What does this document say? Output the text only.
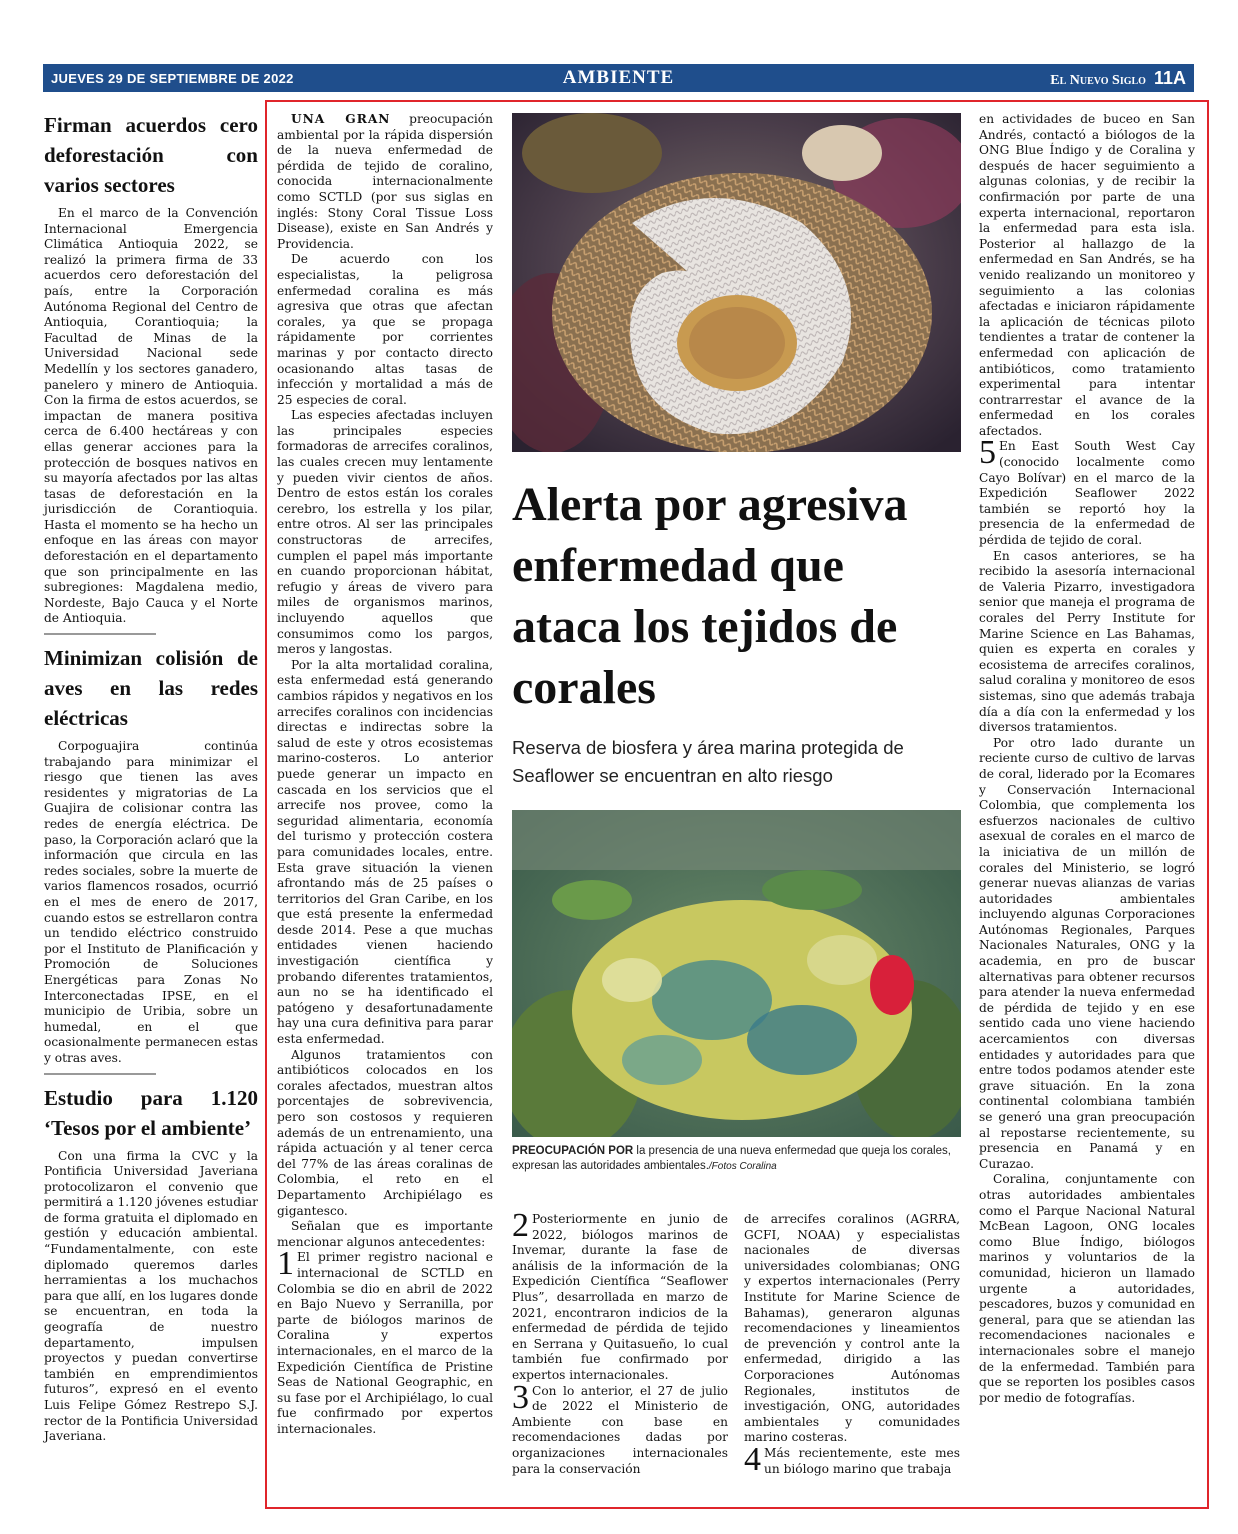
JUEVES 29 DE SEPTIEMBRE DE 2022	AMBIENTE	El Nuevo Siglo 11A
Firman acuerdos cero deforestación con varios sectores

En el marco de la Convención Internacional Emergencia Climática Antioquia 2022, se realizó la primera firma de 33 acuerdos cero deforestación del país, entre la Corporación Autónoma Regional del Centro de Antioquia, Corantioquia; la Facultad de Minas de la Universidad Nacional sede Medellín y los sectores ganadero, panelero y minero de Antioquia. Con la firma de estos acuerdos, se impactan de manera positiva cerca de 6.400 hectáreas y con ellas generar acciones para la protección de bosques nativos en su mayoría afectados por las altas tasas de deforestación en la jurisdicción de Corantioquia. Hasta el momento se ha hecho un enfoque en las áreas con mayor deforestación en el departamento que son principalmente en las subregiones: Magdalena medio, Nordeste, Bajo Cauca y el Norte de Antioquia.

Minimizan colisión de aves en las redes eléctricas

Corpoguajira continúa trabajando para minimizar el riesgo que tienen las aves residentes y migratorias de La Guajira de colisionar contra las redes de energía eléctrica. De paso, la Corporación aclaró que la información que circula en las redes sociales, sobre la muerte de varios flamencos rosados, ocurrió en el mes de enero de 2017, cuando estos se estrellaron contra un tendido eléctrico construido por el Instituto de Planificación y Promoción de Soluciones Energéticas para Zonas No Interconectadas IPSE, en el municipio de Uribia, sobre un humedal, en el que ocasionalmente permanecen estas y otras aves.

Estudio para 1.120 ‘Tesos por el ambiente’

Con una firma la CVC y la Pontificia Universidad Javeriana protocolizaron el convenio que permitirá a 1.120 jóvenes estudiar de forma gratuita el diplomado en gestión y educación ambiental. “Fundamentalmente, con este diplomado queremos darles herramientas a los muchachos para que allí, en los lugares donde se encuentran, en toda la geografía de nuestro departamento, impulsen proyectos y puedan convertirse también en emprendimientos futuros”, expresó en el evento Luis Felipe Gómez Restrepo S.J. rector de la Pontificia Universidad Javeriana.

UNA GRAN preocupación ambiental por la rápida dispersión de la nueva enfermedad de pérdida de tejido de coralino, conocida internacionalmente como SCTLD (por sus siglas en inglés: Stony Coral Tissue Loss Disease), existe en San Andrés y Providencia.

De acuerdo con los especialistas, la peligrosa enfermedad coralina es más agresiva que otras que afectan corales, ya que se propaga rápidamente por corrientes marinas y por contacto directo ocasionando altas tasas de infección y mortalidad a más de 25 especies de coral.

Las especies afectadas incluyen las principales especies formadoras de arrecifes coralinos, las cuales crecen muy lentamente y pueden vivir cientos de años. Dentro de estos están los corales cerebro, los estrella y los pilar, entre otros. Al ser las principales constructoras de arrecifes, cumplen el papel más importante en cuando proporcionan hábitat, refugio y áreas de vivero para miles de organismos marinos, incluyendo aquellos que consumimos como los pargos, meros y langostas.

Por la alta mortalidad coralina, esta enfermedad está generando cambios rápidos y negativos en los arrecifes coralinos con incidencias directas e indirectas sobre la salud de este y otros ecosistemas marino-costeros. Lo anterior puede generar un impacto en cascada en los servicios que el arrecife nos provee, como la seguridad alimentaria, economía del turismo y protección costera para comunidades locales, entre. Esta grave situación la vienen afrontando más de 25 países o territorios del Gran Caribe, en los que está presente la enfermedad desde 2014. Pese a que muchas entidades vienen haciendo investigación científica y probando diferentes tratamientos, aun no se ha identificado el patógeno y desafortunadamente hay una cura definitiva para parar esta enfermedad.

Algunos tratamientos con antibióticos colocados en los corales afectados, muestran altos porcentajes de sobrevivencia, pero son costosos y requieren además de un entrenamiento, una rápida actuación y al tener cerca del 77% de las áreas coralinas de Colombia, el reto en el Departamento Archipiélago es gigantesco.

Señalan que es importante mencionar algunos antecedentes:

1 El primer registro nacional e internacional de SCTLD en Colombia se dio en abril de 2022 en Bajo Nuevo y Serranilla, por parte de biólogos marinos de Coralina y expertos internacionales, en el marco de la Expedición Científica de Pristine Seas de National Geographic, en su fase por el Archipiélago, lo cual fue confirmado por expertos internacionales.

Alerta por agresiva enfermedad que ataca los tejidos de corales
Reserva de biosfera y área marina protegida de Seaflower se encuentran en alto riesgo
PREOCUPACIÓN POR la presencia de una nueva enfermedad que queja los corales, expresan las autoridades ambientales./Fotos Coralina

2 Posteriormente en junio de 2022, biólogos marinos de Invemar, durante la fase de análisis de la información de la Expedición Científica “Seaflower Plus”, desarrollada en marzo de 2021, encontraron indicios de la enfermedad de pérdida de tejido en Serrana y Quitasueño, lo cual también fue confirmado por expertos internacionales.

3 Con lo anterior, el 27 de julio de 2022 el Ministerio de Ambiente con base en recomendaciones dadas por organizaciones internacionales para la conservación

de arrecifes coralinos (AGRRA, GCFI, NOAA) y especialistas nacionales de diversas universidades colombianas; ONG y expertos internacionales (Perry Institute for Marine Science de Bahamas), generaron algunas recomendaciones y lineamientos de prevención y control ante la enfermedad, dirigido a las Corporaciones Autónomas Regionales, institutos de investigación, ONG, autoridades ambientales y comunidades marino costeras.

4 Más recientemente, este mes un biólogo marino que trabaja

en actividades de buceo en San Andrés, contactó a biólogos de la ONG Blue Índigo y de Coralina y después de hacer seguimiento a algunas colonias, y de recibir la confirmación por parte de una experta internacional, reportaron la enfermedad para esta isla. Posterior al hallazgo de la enfermedad en San Andrés, se ha venido realizando un monitoreo y seguimiento a las colonias afectadas e iniciaron rápidamente la aplicación de técnicas piloto tendientes a tratar de contener la enfermedad con aplicación de antibióticos, como tratamiento experimental para intentar contrarrestar el avance de la enfermedad en los corales afectados.

5 En East South West Cay (conocido localmente como Cayo Bolívar) en el marco de la Expedición Seaflower 2022 también se reportó hoy la presencia de la enfermedad de pérdida de tejido de coral.

En casos anteriores, se ha recibido la asesoría internacional de Valeria Pizarro, investigadora senior que maneja el programa de corales del Perry Institute for Marine Science en Las Bahamas, quien es experta en corales y ecosistema de arrecifes coralinos, salud coralina y monitoreo de esos sistemas, sino que además trabaja día a día con la enfermedad y los diversos tratamientos.

Por otro lado durante un reciente curso de cultivo de larvas de coral, liderado por la Ecomares y Conservación Internacional Colombia, que complementa los esfuerzos nacionales de cultivo asexual de corales en el marco de la iniciativa de un millón de corales del Ministerio, se logró generar nuevas alianzas de varias autoridades ambientales incluyendo algunas Corporaciones Autónomas Regionales, Parques Nacionales Naturales, ONG y la academia, en pro de buscar alternativas para obtener recursos para atender la nueva enfermedad de pérdida de tejido y en ese sentido cada uno viene haciendo acercamientos con diversas entidades y autoridades para que entre todos podamos atender este grave situación. En la zona continental colombiana también se generó una gran preocupación al repostarse recientemente, su presencia en Panamá y en Curazao.

Coralina, conjuntamente con otras autoridades ambientales como el Parque Nacional Natural McBean Lagoon, ONG locales como Blue Índigo, biólogos marinos y voluntarios de la comunidad, hicieron un llamado urgente a autoridades, pescadores, buzos y comunidad en general, para que se atiendan las recomendaciones nacionales e internacionales sobre el manejo de la enfermedad. También para que se reporten los posibles casos por medio de fotografías.
